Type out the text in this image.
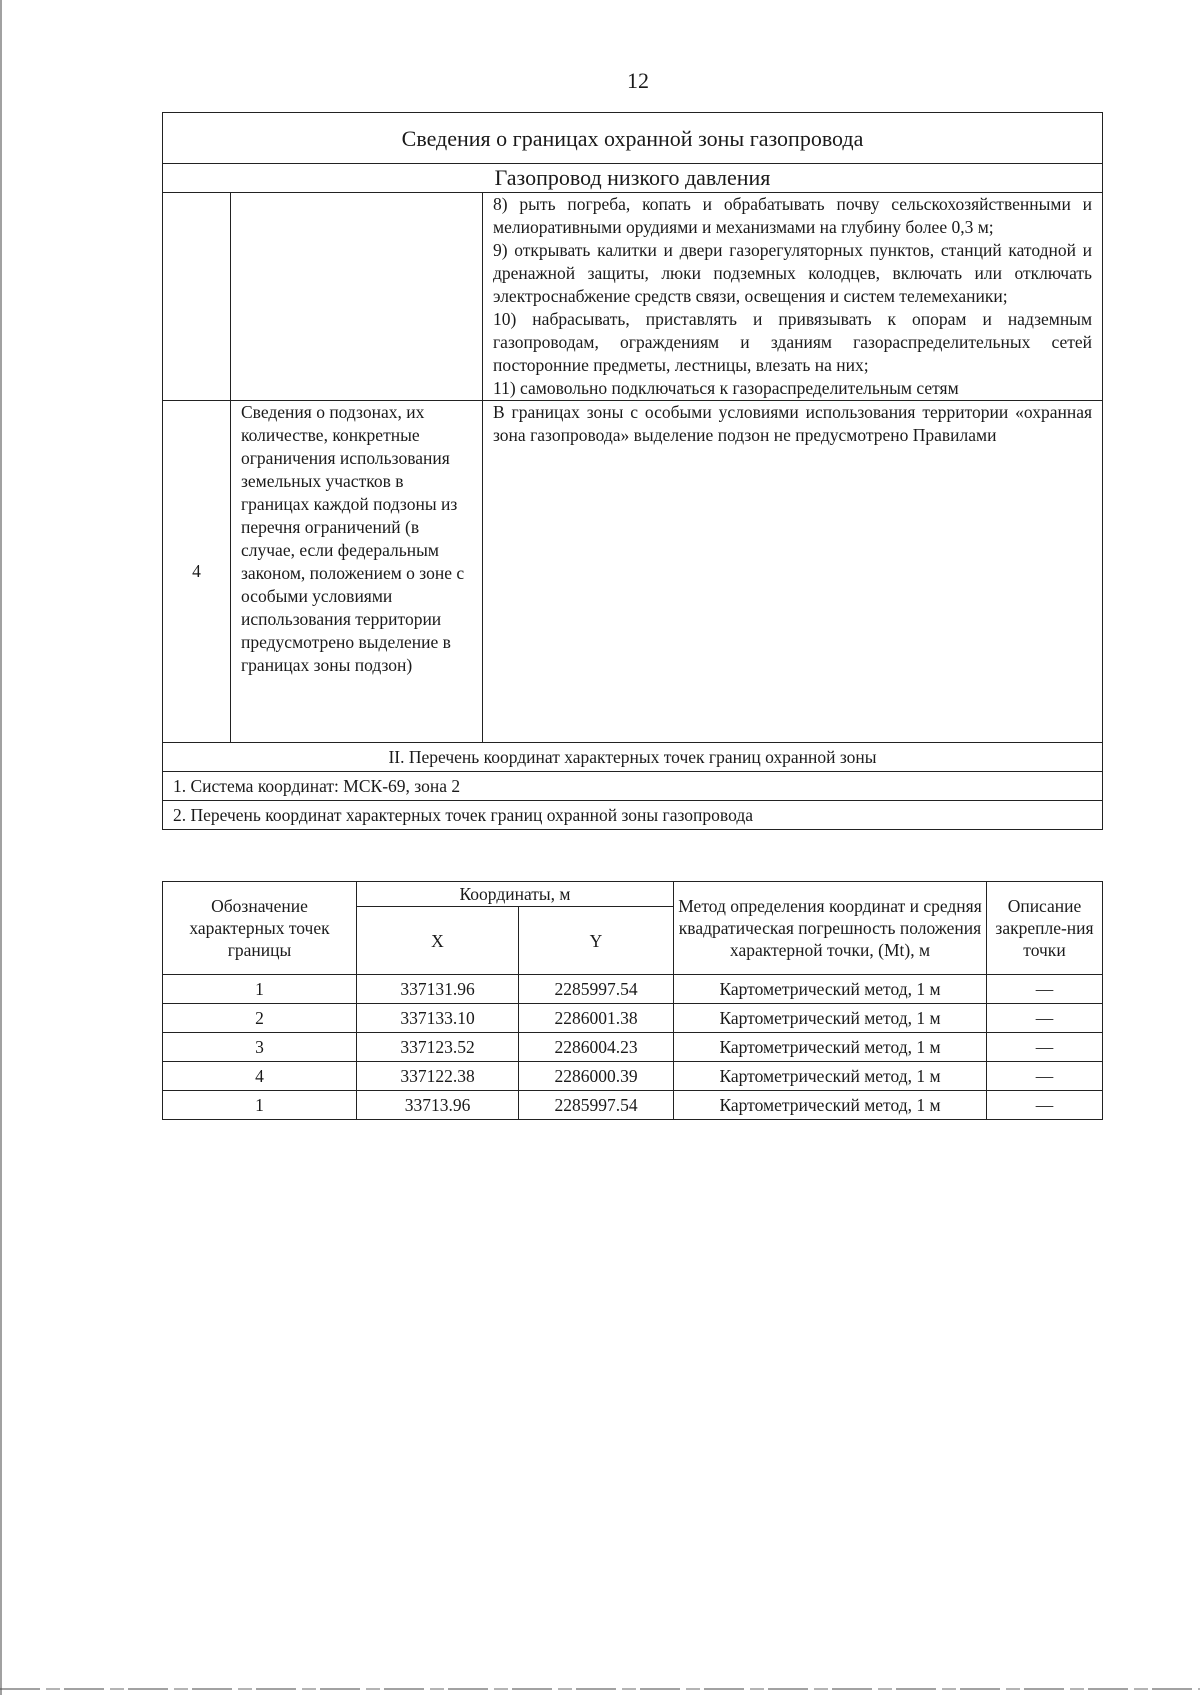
12
Сведения о границах охранной зоны газопровода		
Газопровод низкого давления		

		8) рыть погреба, копать и обрабатывать почву сельскохозяйственными и мелиоративными орудиями и механизмами на глубину более 0,3 м;
9) открывать калитки и двери газорегуляторных пунктов, станций катодной и дренажной защиты, люки подземных колодцев, включать или отключать электроснабжение средств связи, освещения и систем телемеханики;
10) набрасывать, приставлять и привязывать к опорам и надземным газопроводам, ограждениям и зданиям газораспределительных сетей посторонние предметы, лестницы, влезать на них;
11) самовольно подключаться к газораспределительным сетям

4	Сведения о подзонах, их количестве, конкретные ограничения использования земельных участков в границах каждой подзоны из перечня ограничений (в случае, если федеральным законом, положением о зоне с особыми условиями использования территории предусмотрено выделение в границах зоны подзон)	В границах зоны с особыми условиями использования территории «охранная зона газопровода» выделение подзон не предусмотрено Правилами
II. Перечень координат характерных точек границ охранной зоны		
1. Система координат: МСК-69, зона 2		
2. Перечень координат характерных точек границ охранной зоны газопровода		
Обозначение характерных точек границы	Координаты, м		Метод определения координат и средняя квадратическая погрешность положения характерной точки, (Mt), м	Описание закрепле-ния точки
	X	Y		
1	337131.96	2285997.54	Картометрический метод, 1 м	—
2	337133.10	2286001.38	Картометрический метод, 1 м	—
3	337123.52	2286004.23	Картометрический метод, 1 м	—
4	337122.38	2286000.39	Картометрический метод, 1 м	—
1	33713.96	2285997.54	Картометрический метод, 1 м	—
